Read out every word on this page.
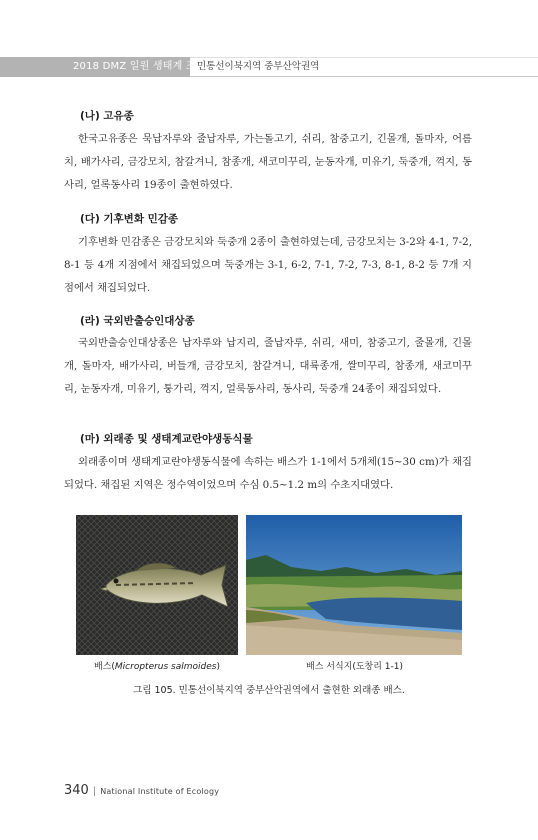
2018 DMZ 일원 생태계 조사
민통선이북지역 중부산악권역
(나) 고유종
한국고유종은 묵납자루와 줄납자루, 가는돌고기, 쉬리, 참중고기, 긴몰개, 돌마자, 어름치, 배가사리, 금강모치, 참갈겨니, 참종개, 새코미꾸리, 눈동자개, 미유기, 둑중개, 꺽지, 동사리, 얼록동사리 19종이 출현하였다.
(다) 기후변화 민감종
기후변화 민감종은 금강모치와 둑중개 2종이 출현하였는데, 금강모치는 3-2와 4-1, 7-2, 8-1 등 4개 지점에서 채집되었으며 둑중개는 3-1, 6-2, 7-1, 7-2, 7-3, 8-1, 8-2 등 7개 지점에서 채집되었다.
(라) 국외반출승인대상종
국외반출승인대상종은 납자루와 납지리, 줄납자루, 쉬리, 새미, 참중고기, 줄몰개, 긴몰개, 돌마자, 배가사리, 버들개, 금강모치, 참갈겨니, 대륙종개, 쌀미꾸리, 참종개, 새코미꾸리, 눈동자개, 미유기, 퉁가리, 꺽지, 얼룩동사리, 동사리, 둑중개 24종이 채집되었다.
(마) 외래종 및 생태계교란야생동식물
외래종이며 생태계교란야생동식물에 속하는 배스가 1-1에서 5개체(15~30 cm)가 채집되었다. 채집된 지역은 정수역이었으며 수심 0.5~1.2 m의 수초지대였다.
배스(Micropterus salmoides)	배스 서식지(도창리 1-1)
그림 105. 민통선이북지역 중부산악권역에서 출현한 외래종 배스.
340 | National Institute of Ecology
